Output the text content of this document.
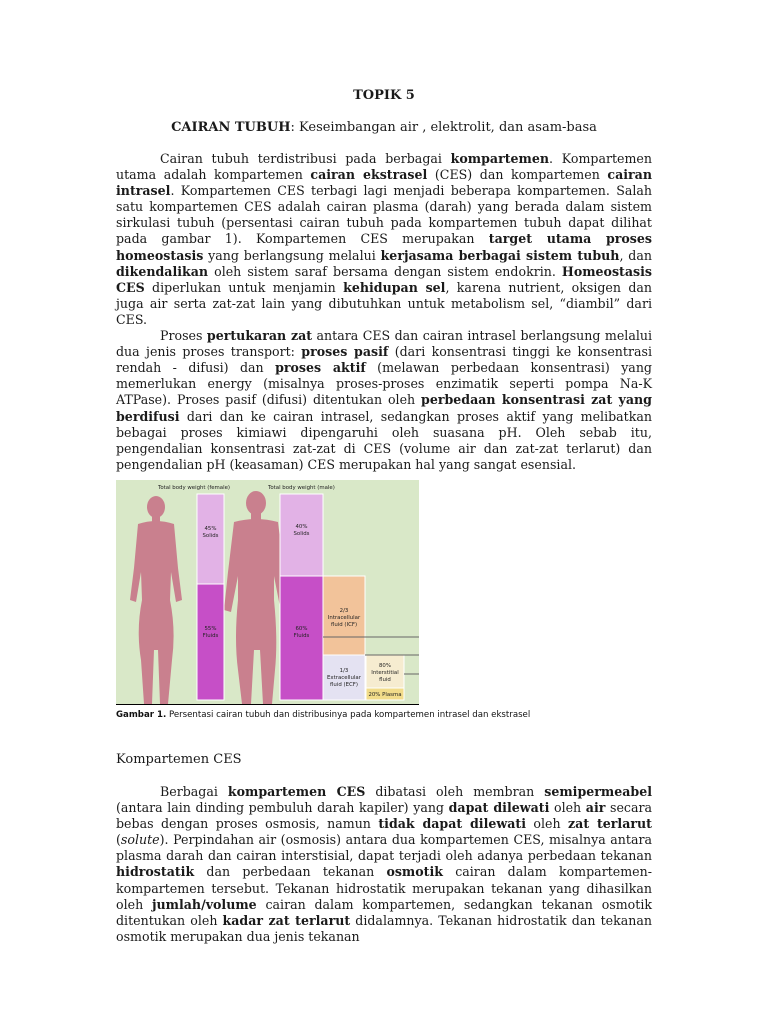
TOPIK 5
CAIRAN TUBUH: Keseimbangan air , elektrolit, dan asam-basa

Cairan tubuh terdistribusi pada berbagai kompartemen. Kompartemen utama adalah kompartemen cairan ekstrasel (CES) dan kompartemen cairan intrasel. Kompartemen CES terbagi lagi menjadi beberapa kompartemen. Salah satu kompartemen CES adalah cairan plasma (darah) yang berada dalam sistem sirkulasi tubuh (persentasi cairan tubuh pada kompartemen tubuh dapat dilihat pada gambar 1). Kompartemen CES merupakan target utama proses homeostasis yang berlangsung melalui kerjasama berbagai sistem tubuh, dan dikendalikan oleh sistem saraf bersama dengan sistem endokrin. Homeostasis CES diperlukan untuk menjamin kehidupan sel, karena nutrient, oksigen dan juga air serta zat-zat lain yang dibutuhkan untuk metabolism sel, “diambil” dari CES.

Proses pertukaran zat antara CES dan cairan intrasel berlangsung melalui dua jenis proses transport: proses pasif (dari konsentrasi tinggi ke konsentrasi rendah - difusi) dan proses aktif (melawan perbedaan konsentrasi) yang memerlukan energy (misalnya proses-proses enzimatik seperti pompa Na-K ATPase). Proses pasif (difusi) ditentukan oleh perbedaan konsentrasi zat yang berdifusi dari dan ke cairan intrasel, sedangkan proses aktif yang melibatkan bebagai proses kimiawi dipengaruhi oleh suasana pH. Oleh sebab itu, pengendalian konsentrasi zat-zat di CES (volume air dan zat-zat terlarut) dan pengendalian pH (keasaman) CES merupakan hal yang sangat esensial.

Kompartemen CES

Berbagai kompartemen CES dibatasi oleh membran semipermeabel (antara lain dinding pembuluh darah kapiler) yang dapat dilewati oleh air secara bebas dengan proses osmosis, namun tidak dapat dilewati oleh zat terlarut (solute). Perpindahan air (osmosis) antara dua kompartemen CES, misalnya antara plasma darah dan cairan interstisial, dapat terjadi oleh adanya perbedaan tekanan hidrostatik dan perbedaan tekanan osmotik cairan dalam kompartemen-kompartemen tersebut. Tekanan hidrostatik merupakan tekanan yang dihasilkan oleh jumlah/volume cairan dalam kompartemen, sedangkan tekanan osmotik ditentukan oleh kadar zat terlarut didalamnya. Tekanan hidrostatik dan tekanan osmotik merupakan dua jenis tekanan

Total body weight (female)
45%
Solids
55%
Fluids
Total body weight (male)
40%
Solids
60%
Fluids
2/3
Intracellular
fluid (ICF)
1/3
Extracellular
fluid (ECF)
80%
Interstitial
fluid
20% Plasma
Gambar 1. Persentasi cairan tubuh dan distribusinya pada kompartemen intrasel dan ekstrasel
